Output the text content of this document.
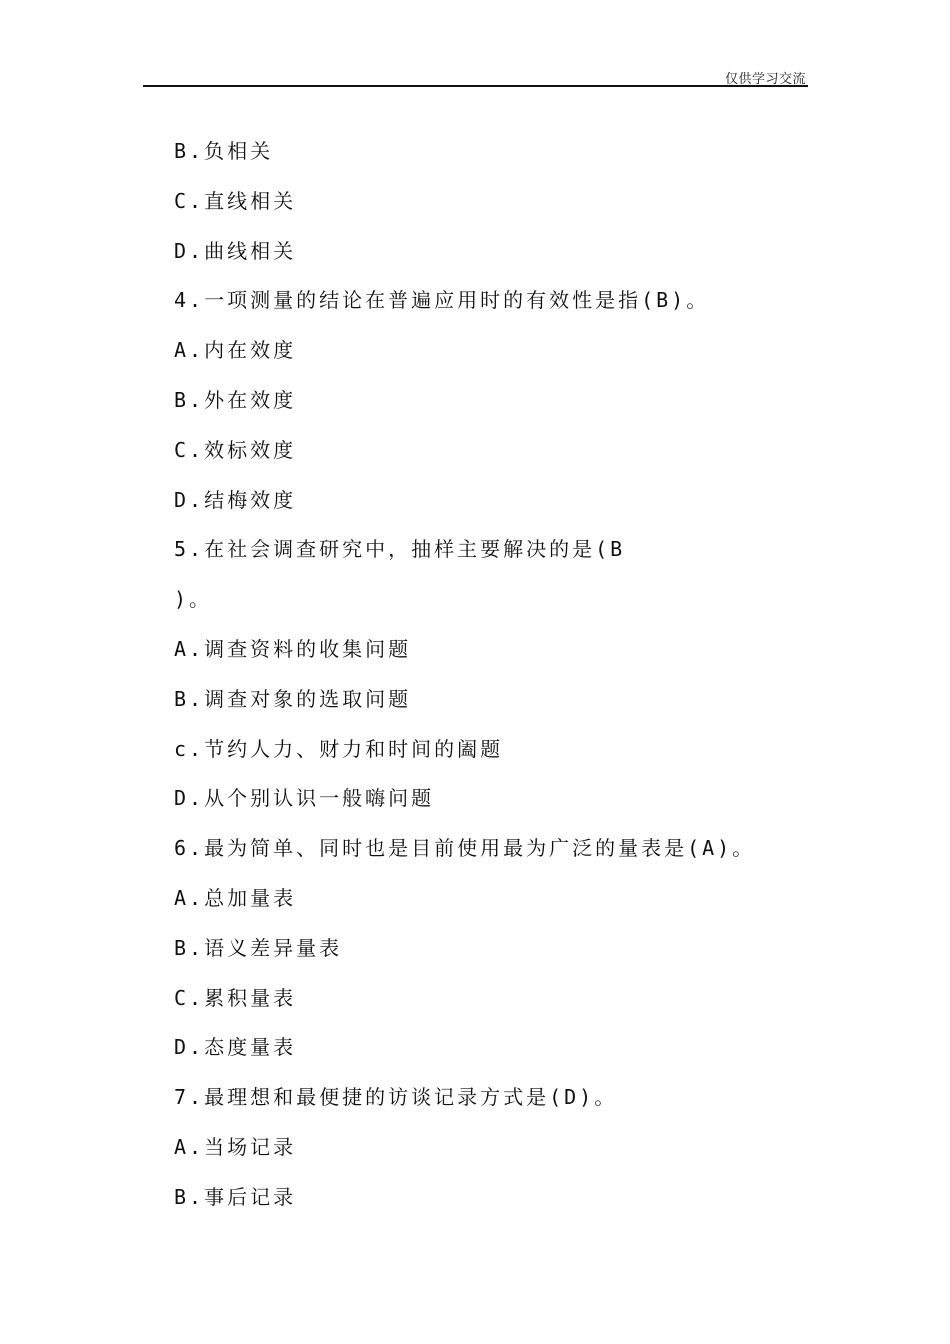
仅供学习交流
B.负相关
C.直线相关
D.曲线相关
4.一项测量的结论在普遍应用时的有效性是指(B)。
A.内在效度
B.外在效度
C.效标效度
D.结梅效度
5.在社会调查研究中，抽样主要解决的是(B
)。
A.调查资料的收集问题
B.调查对象的选取问题
c.节约人力、财力和时间的阖题
D.从个别认识一般嗨问题
6.最为简单、同时也是目前使用最为广泛的量表是(A)。
A.总加量表
B.语义差异量表
C.累积量表
D.态度量表
7.最理想和最便捷的访谈记录方式是(D)。
A.当场记录
B.事后记录
